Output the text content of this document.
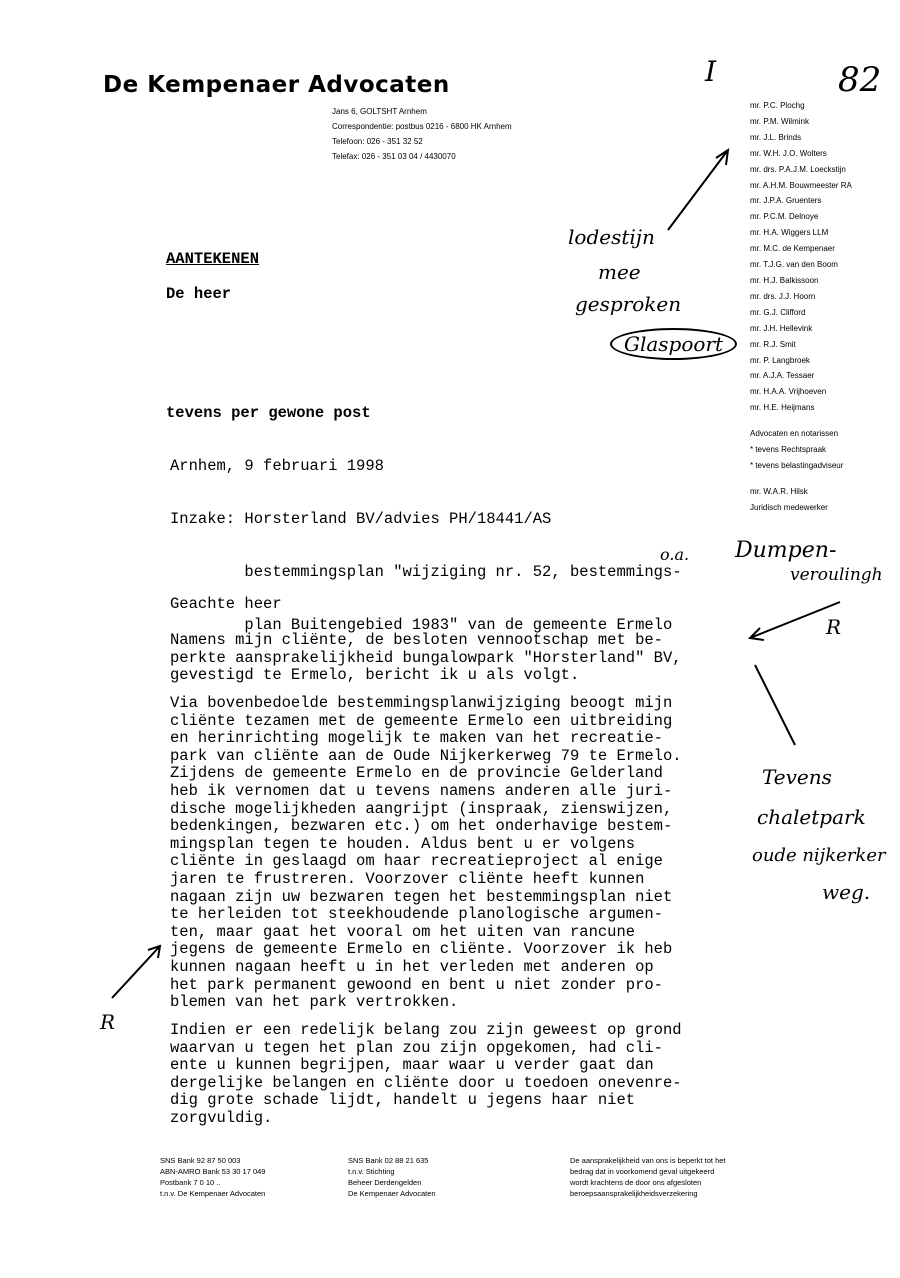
De Kempenaer Advocaten
Jans 6, GOLTSHT Arnhem
Correspondentie: postbus 0216 - 6800 HK Arnhem
Telefoon: 026 - 351 32 52
Telefax: 026 - 351 03 04 / 4430070
mr. P.C. Plochg
mr. P.M. Wilmink
mr. J.L. Brinds
mr. W.H. J.O. Wolters
mr. drs. P.A.J.M. Loeckstijn
mr. A.H.M. Bouwmeester RA
mr. J.P.A. Gruenters
mr. P.C.M. Delnoye
mr. H.A. Wiggers LLM
mr. M.C. de Kempenaer
mr. T.J.G. van den Boom
mr. H.J. Balkissoon
mr. drs. J.J. Hoorn
mr. G.J. Clifford
mr. J.H. Hellevink
mr. R.J. Smit
mr. P. Langbroek
mr. A.J.A. Tessaer
mr. H.A.A. Vrijhoeven
mr. H.E. Heijmans
Advocaten en notarissen
* tevens Rechtspraak
* tevens belastingadviseur
mr. W.A.R. Hilsk
Juridisch medewerker
AANTEKENEN
De heer
tevens per gewone post
Arnhem, 9 februari 1998

Inzake: Horsterland BV/advies PH/18441/AS

bestemmingsplan "wijziging nr. 52, bestemmings-

plan Buitengebied 1983" van de gemeente Ermelo

Geachte heer
Namens mijn cliënte, de besloten vennootschap met be-
perkte aansprakelijkheid bungalowpark "Horsterland" BV,
gevestigd te Ermelo, bericht ik u als volgt.
Via bovenbedoelde bestemmingsplanwijziging beoogt mijn
cliënte tezamen met de gemeente Ermelo een uitbreiding
en herinrichting mogelijk te maken van het recreatie-
park van cliënte aan de Oude Nijkerkerweg 79 te Ermelo.
Zijdens de gemeente Ermelo en de provincie Gelderland
heb ik vernomen dat u tevens namens anderen alle juri-
dische mogelijkheden aangrijpt (inspraak, zienswijzen,
bedenkingen, bezwaren etc.) om het onderhavige bestem-
mingsplan tegen te houden. Aldus bent u er volgens
cliënte in geslaagd om haar recreatieproject al enige
jaren te frustreren. Voorzover cliënte heeft kunnen
nagaan zijn uw bezwaren tegen het bestemmingsplan niet
te herleiden tot steekhoudende planologische argumen-
ten, maar gaat het vooral om het uiten van rancune
jegens de gemeente Ermelo en cliënte. Voorzover ik heb
kunnen nagaan heeft u in het verleden met anderen op
het park permanent gewoond en bent u niet zonder pro-
blemen van het park vertrokken.
Indien er een redelijk belang zou zijn geweest op grond
waarvan u tegen het plan zou zijn opgekomen, had cli-
ente u kunnen begrijpen, maar waar u verder gaat dan
dergelijke belangen en cliënte door u toedoen onevenre-
dig grote schade lijdt, handelt u jegens haar niet
zorgvuldig.
82
I
lodestijn
mee
gesproken
Glaspoort
o.a. Dumpen-
veroulingh
R
Tevens
chaletpark
oude nijkerker
weg.
R
SNS Bank 92 87 50 003
ABN-AMRO Bank 53 30 17 049
Postbank 7 0 10 ..
t.n.v. De Kempenaer Advocaten
SNS Bank 02 88 21 635
t.n.v. Stichting
Beheer Derdengelden
De Kempenaer Advocaten
De aansprakelijkheid van ons is beperkt tot het
bedrag dat in voorkomend geval uitgekeerd
wordt krachtens de door ons afgesloten
beroepsaansprakelijkheidsverzekering
